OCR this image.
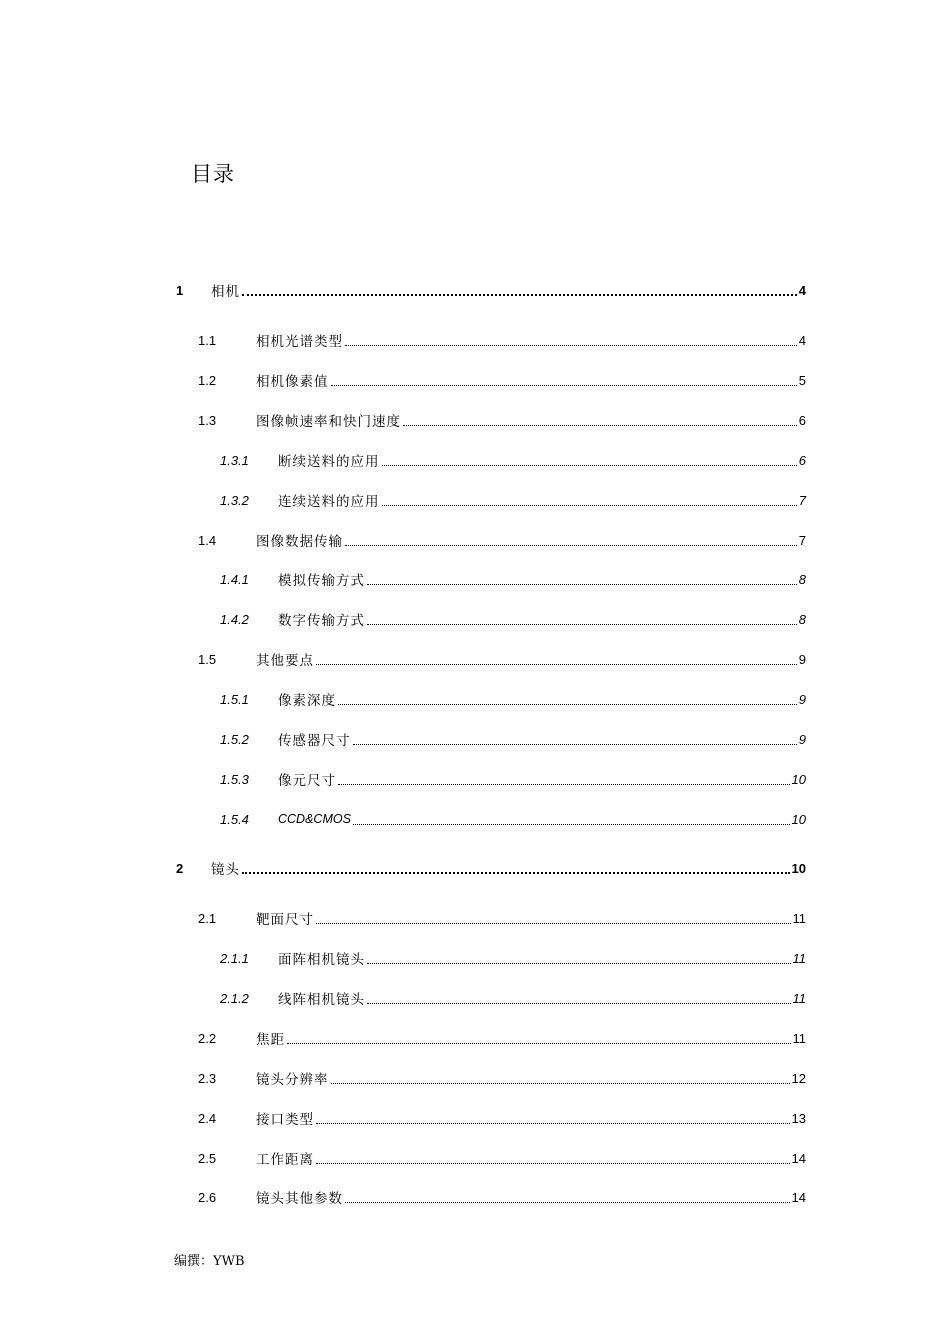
目录
1 相机	4
1.1	相机光谱类型	4
1.2	相机像素值	5
1.3	图像帧速率和快门速度	6
1.3.1 断续送料的应用	6
1.3.2 连续送料的应用	7
1.4	图像数据传输	7
1.4.1 模拟传输方式	8
1.4.2 数字传输方式	8
1.5	其他要点	9
1.5.1 像素深度	9
1.5.2 传感器尺寸	9
1.5.3 像元尺寸	10
1.5.4 CCD&CMOS	10
2 镜头	10
2.1	靶面尺寸	11
2.1.1 面阵相机镜头	11
2.1.2 线阵相机镜头	11
2.2	焦距	11
2.3	镜头分辨率	12
2.4	接口类型	13
2.5	工作距离	14
2.6	镜头其他参数	14
编撰：YWB
